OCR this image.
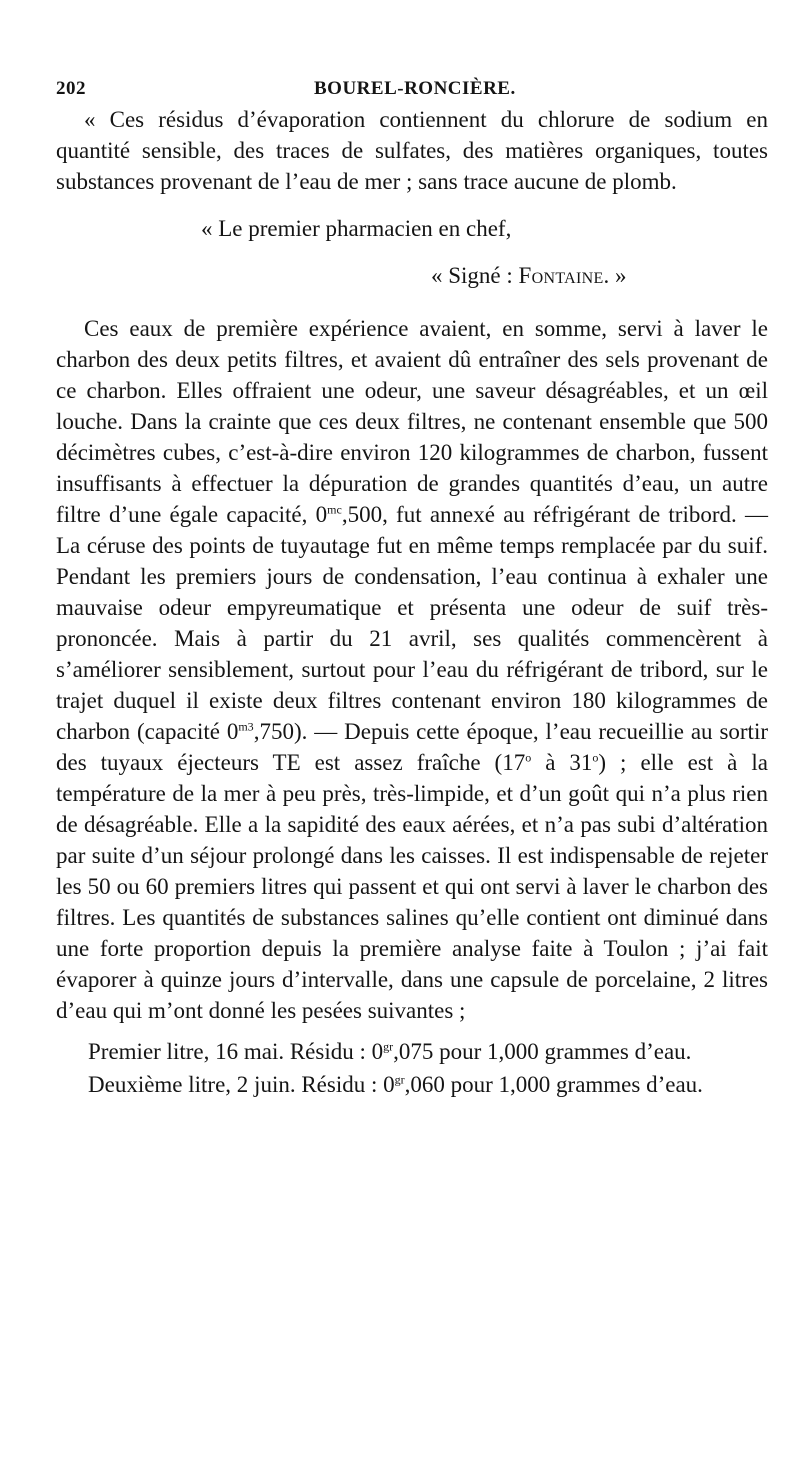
202	BOUREL-RONCIÈRE.

« Ces résidus d’évaporation contiennent du chlorure de sodium en quantité sensible, des traces de sulfates, des matières organiques, toutes substances provenant de l’eau de mer ; sans trace aucune de plomb.

« Le premier pharmacien en chef,

« Signé : Fontaine. »

Ces eaux de première expérience avaient, en somme, servi à laver le charbon des deux petits filtres, et avaient dû entraîner des sels provenant de ce charbon. Elles offraient une odeur, une saveur désagréables, et un œil louche. Dans la crainte que ces deux filtres, ne contenant ensemble que 500 décimètres cubes, c’est-à-dire environ 120 kilogrammes de charbon, fussent insuffisants à effectuer la dépuration de grandes quantités d’eau, un autre filtre d’une égale capacité, $0^{mc},500$, fut annexé au réfrigérant de tribord. — La céruse des points de tuyautage fut en même temps remplacée par du suif. Pendant les premiers jours de condensation, l’eau continua à exhaler une mauvaise odeur empyreumatique et présenta une odeur de suif très-prononcée. Mais à partir du 21 avril, ses qualités commencèrent à s’améliorer sensiblement, surtout pour l’eau du réfrigérant de tribord, sur le trajet duquel il existe deux filtres contenant environ 180 kilogrammes de charbon (capacité $0^{m3},750$). — Depuis cette époque, l’eau recueillie au sortir des tuyaux éjecteurs TE est assez fraîche (17$^o$ à 31$^o$) ; elle est à la température de la mer à peu près, très-limpide, et d’un goût qui n’a plus rien de désagréable. Elle a la sapidité des eaux aérées, et n’a pas subi d’altération par suite d’un séjour prolongé dans les caisses. Il est indispensable de rejeter les 50 ou 60 premiers litres qui passent et qui ont servi à laver le charbon des filtres. Les quantités de substances salines qu’elle contient ont diminué dans une forte proportion depuis la première analyse faite à Toulon ; j’ai fait évaporer à quinze jours d’intervalle, dans une capsule de porcelaine, 2 litres d’eau qui m’ont donné les pesées suivantes ;

Premier litre, 16 mai. Résidu : $0^{gr},075$ pour 1,000 grammes d’eau.

Deuxième litre, 2 juin. Résidu : $0^{gr},060$ pour 1,000 grammes d’eau.
